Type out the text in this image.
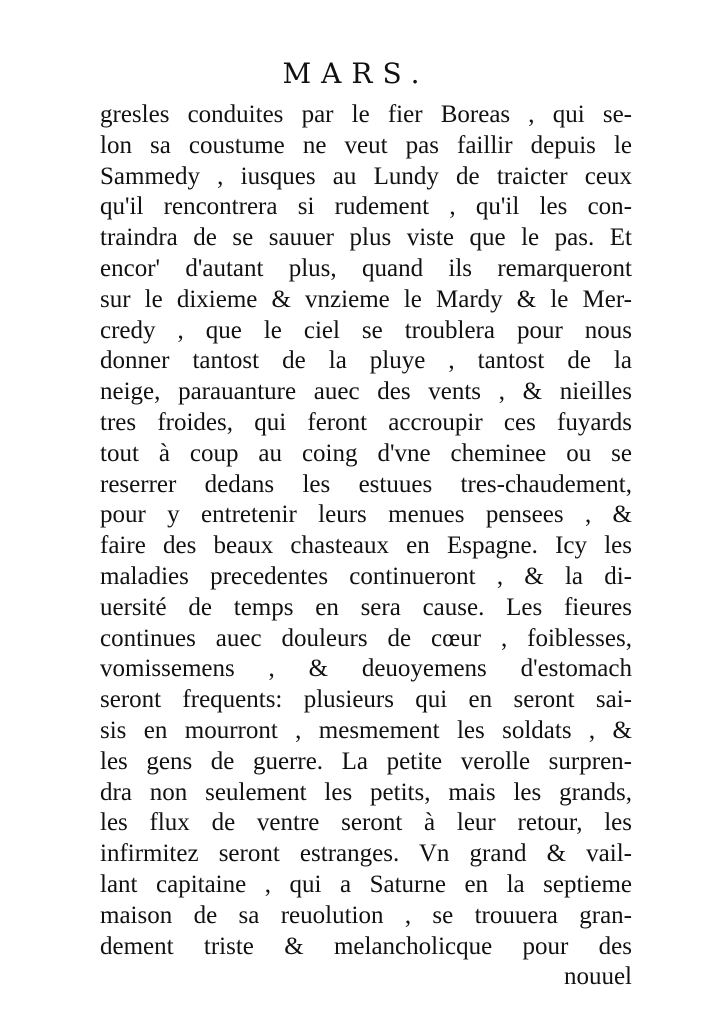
MARS.
gresles conduites par le fier Boreas , qui se-
lon sa coustume ne veut pas faillir depuis le
Sammedy , iusques au Lundy de traicter ceux
qu'il rencontrera si rudement , qu'il les con-
traindra de se sauuer plus viste que le pas. Et
encor' d'autant plus, quand ils remarqueront
sur le dixieme & vnzieme le Mardy & le Mer-
credy , que le ciel se troublera pour nous
donner tantost de la pluye , tantost de la
neige, parauanture auec des vents , & nieilles
tres froides, qui feront accroupir ces fuyards
tout à coup au coing d'vne cheminee ou se
reserrer dedans les estuues tres-chaudement,
pour y entretenir leurs menues pensees , &
faire des beaux chasteaux en Espagne. Icy les
maladies precedentes continueront , & la di-
uersité de temps en sera cause. Les fieures
continues auec douleurs de cœur , foiblesses,
vomissemens , & deuoyemens d'estomach
seront frequents: plusieurs qui en seront sai-
sis en mourront , mesmement les soldats , &
les gens de guerre. La petite verolle surpren-
dra non seulement les petits, mais les grands,
les flux de ventre seront à leur retour, les
infirmitez seront estranges. Vn grand & vail-
lant capitaine , qui a Saturne en la septieme
maison de sa reuolution , se trouuera gran-
dement triste & melancholicque pour des
nouuel
